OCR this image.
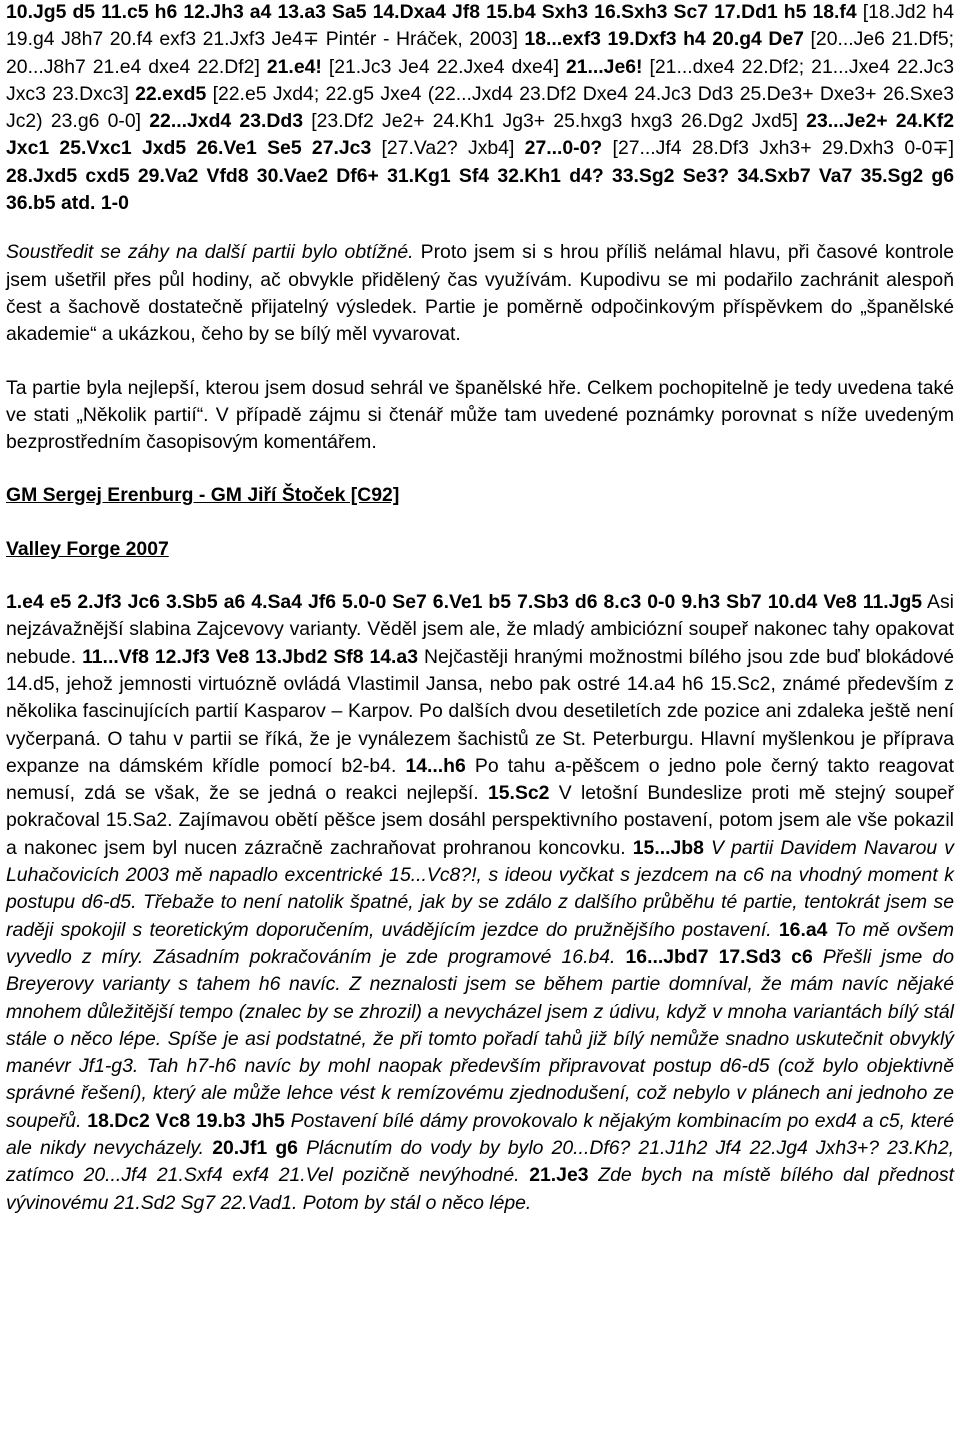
10.Jg5 d5 11.c5 h6 12.Jh3 a4 13.a3 Sa5 14.Dxa4 Jf8 15.b4 Sxh3 16.Sxh3 Sc7 17.Dd1 h5 18.f4 [18.Jd2 h4 19.g4 J8h7 20.f4 exf3 21.Jxf3 Je4∓ Pintér - Hráček, 2003] 18...exf3 19.Dxf3 h4 20.g4 De7 [20...Je6 21.Df5; 20...J8h7 21.e4 dxe4 22.Df2] 21.e4! [21.Jc3 Je4 22.Jxe4 dxe4] 21...Je6! [21...dxe4 22.Df2; 21...Jxe4 22.Jc3 Jxc3 23.Dxc3] 22.exd5 [22.e5 Jxd4; 22.g5 Jxe4 (22...Jxd4 23.Df2 Dxe4 24.Jc3 Dd3 25.De3+ Dxe3+ 26.Sxe3 Jc2) 23.g6 0-0] 22...Jxd4 23.Dd3 [23.Df2 Je2+ 24.Kh1 Jg3+ 25.hxg3 hxg3 26.Dg2 Jxd5] 23...Je2+ 24.Kf2 Jxc1 25.Vxc1 Jxd5 26.Ve1 Se5 27.Jc3 [27.Va2? Jxb4] 27...0-0? [27...Jf4 28.Df3 Jxh3+ 29.Dxh3 0-0∓] 28.Jxd5 cxd5 29.Va2 Vfd8 30.Vae2 Df6+ 31.Kg1 Sf4 32.Kh1 d4? 33.Sg2 Se3? 34.Sxb7 Va7 35.Sg2 g6 36.b5 atd. 1-0

Soustředit se záhy na další partii bylo obtížné. Proto jsem si s hrou příliš nelámal hlavu, při časové kontrole jsem ušetřil přes půl hodiny, ač obvykle přidělený čas využívám. Kupodivu se mi podařilo zachránit alespoň čest a šachově dostatečně přijatelný výsledek. Partie je poměrně odpočinkovým příspěvkem do „španělské akademie“ a ukázkou, čeho by se bílý měl vyvarovat.

Ta partie byla nejlepší, kterou jsem dosud sehrál ve španělské hře. Celkem pochopitelně je tedy uvedena také ve stati „Několik partií“. V případě zájmu si čtenář může tam uvedené poznámky porovnat s níže uvedeným bezprostředním časopisovým komentářem.

GM Sergej Erenburg - GM Jiří Štoček [C92]

Valley Forge 2007

1.e4 e5 2.Jf3 Jc6 3.Sb5 a6 4.Sa4 Jf6 5.0-0 Se7 6.Ve1 b5 7.Sb3 d6 8.c3 0-0 9.h3 Sb7 10.d4 Ve8 11.Jg5 Asi nejzávažnější slabina Zajcevovy varianty. Věděl jsem ale, že mladý ambiciózní soupeř nakonec tahy opakovat nebude. 11...Vf8 12.Jf3 Ve8 13.Jbd2 Sf8 14.a3 Nejčastěji hranými možnostmi bílého jsou zde buď blokádové 14.d5, jehož jemnosti virtuózně ovládá Vlastimil Jansa, nebo pak ostré 14.a4 h6 15.Sc2, známé především z několika fascinujících partií Kasparov – Karpov. Po dalších dvou desetiletích zde pozice ani zdaleka ještě není vyčerpaná. O tahu v partii se říká, že je vynálezem šachistů ze St. Peterburgu. Hlavní myšlenkou je příprava expanze na dámském křídle pomocí b2-b4. 14...h6 Po tahu a-pěšcem o jedno pole černý takto reagovat nemusí, zdá se však, že se jedná o reakci nejlepší. 15.Sc2 V letošní Bundeslize proti mě stejný soupeř pokračoval 15.Sa2. Zajímavou obětí pěšce jsem dosáhl perspektivního postavení, potom jsem ale vše pokazil a nakonec jsem byl nucen zázračně zachraňovat prohranou koncovku. 15...Jb8 V partii Davidem Navarou v Luhačovicích 2003 mě napadlo excentrické 15...Vc8?!, s ideou vyčkat s jezdcem na c6 na vhodný moment k postupu d6-d5. Třebaže to není natolik špatné, jak by se zdálo z dalšího průběhu té partie, tentokrát jsem se raději spokojil s teoretickým doporučením, uvádějícím jezdce do pružnějšího postavení. 16.a4 To mě ovšem vyvedlo z míry. Zásadním pokračováním je zde programové 16.b4. 16...Jbd7 17.Sd3 c6 Přešli jsme do Breyerovy varianty s tahem h6 navíc. Z neznalosti jsem se během partie domníval, že mám navíc nějaké mnohem důležitější tempo (znalec by se zhrozil) a nevycházel jsem z údivu, když v mnoha variantách bílý stál stále o něco lépe. Spíše je asi podstatné, že při tomto pořadí tahů již bílý nemůže snadno uskutečnit obvyklý manévr Jf1-g3. Tah h7-h6 navíc by mohl naopak především připravovat postup d6-d5 (což bylo objektivně správné řešení), který ale může lehce vést k remízovému zjednodušení, což nebylo v plánech ani jednoho ze soupeřů. 18.Dc2 Vc8 19.b3 Jh5 Postavení bílé dámy provokovalo k nějakým kombinacím po exd4 a c5, které ale nikdy nevycházely. 20.Jf1 g6 Plácnutím do vody by bylo 20...Df6? 21.J1h2 Jf4 22.Jg4 Jxh3+? 23.Kh2, zatímco 20...Jf4 21.Sxf4 exf4 21.Vel pozičně nevýhodné. 21.Je3 Zde bych na místě bílého dal přednost vývinovému 21.Sd2 Sg7 22.Vad1. Potom by stál o něco lépe.
